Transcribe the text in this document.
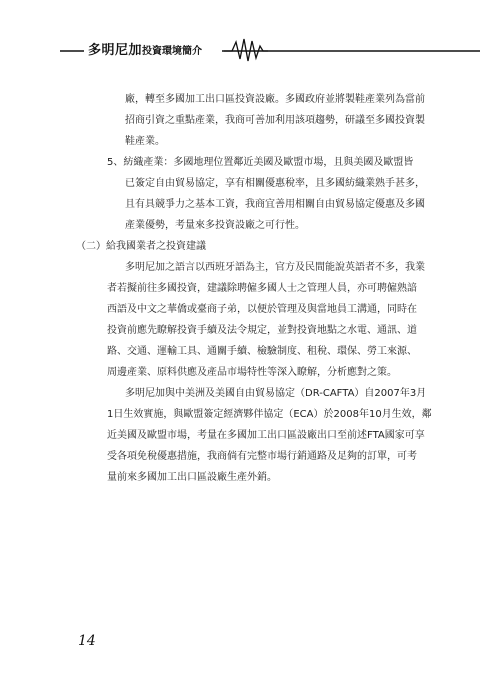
多明尼加投資環境簡介

廠，轉至多國加工出口區投資設廠。多國政府並將製鞋產業列為當前

招商引資之重點產業，我商可善加利用該項趨勢，研議至多國投資製

鞋產業。

5、紡織產業：多國地理位置鄰近美國及歐盟市場，且與美國及歐盟皆

已簽定自由貿易協定，享有相關優惠稅率，且多國紡織業熟手甚多，

且有具競爭力之基本工資，我商宜善用相關自由貿易協定優惠及多國

產業優勢，考量來多投資設廠之可行性。

（二）給我國業者之投資建議

多明尼加之語言以西班牙語為主，官方及民間能說英語者不多，我業

者若擬前往多國投資，建議除聘僱多國人士之管理人員，亦可聘僱熟諳

西語及中文之華僑或臺商子弟，以便於管理及與當地員工溝通，同時在

投資前應先瞭解投資手續及法令規定，並對投資地點之水電、通訊、道

路、交通、運輸工具、通關手續、檢驗制度、租稅、環保、勞工來源、

周邊產業、原料供應及產品市場特性等深入瞭解，分析應對之策。

多明尼加與中美洲及美國自由貿易協定（DR-CAFTA）自2007年3月

1日生效實施，與歐盟簽定經濟夥伴協定（ECA）於2008年10月生效，鄰

近美國及歐盟市場，考量在多國加工出口區設廠出口至前述FTA國家可享

受各項免稅優惠措施，我商倘有完整市場行銷通路及足夠的訂單，可考

量前來多國加工出口區設廠生產外銷。

14
